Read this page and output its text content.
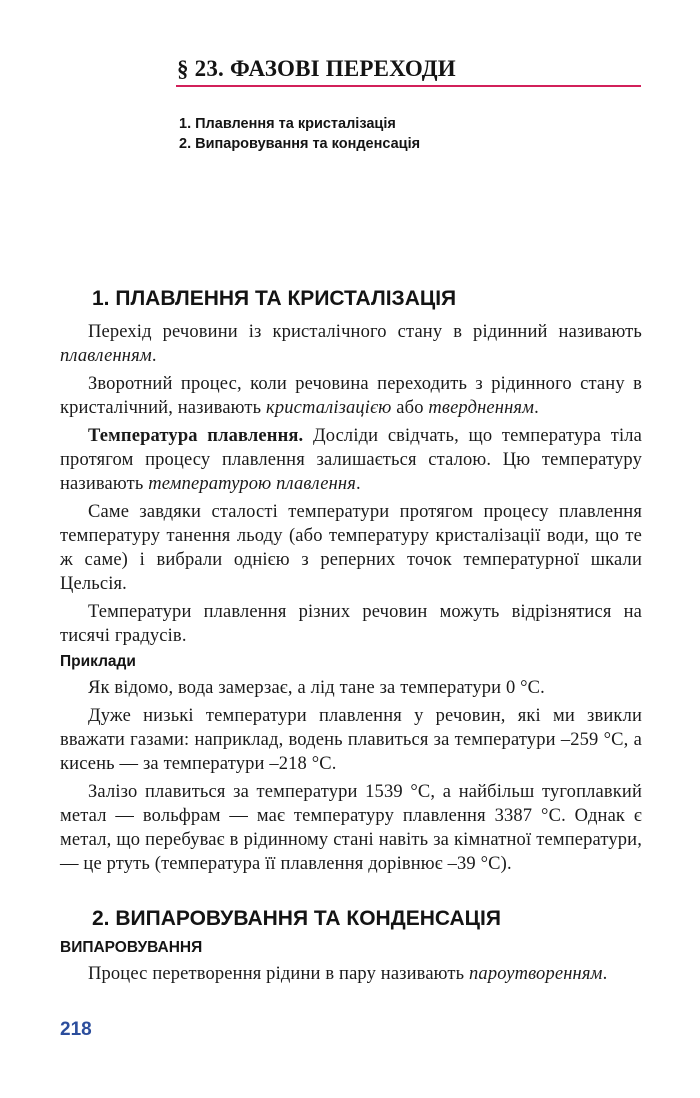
§ 23. ФАЗОВІ ПЕРЕХОДИ
1. Плавлення та кристалізація
2. Випаровування та конденсація
1. ПЛАВЛЕННЯ ТА КРИСТАЛІЗАЦІЯ
Перехід речовини із кристалічного стану в рідинний називають плавленням.
Зворотний процес, коли речовина переходить з рідинного стану в кристалічний, називають кристалізацією або твердненням.
Температура плавлення. Досліди свідчать, що температура тіла протягом процесу плавлення залишається сталою. Цю температуру називають температурою плавлення.
Саме завдяки сталості температури протягом процесу плавлення температуру танення льоду (або температуру кристалізації води, що те ж саме) і вибрали однією з реперних точок температурної шкали Цельсія.
Температури плавлення різних речовин можуть відрізнятися на тисячі градусів.
Приклади
Як відомо, вода замерзає, а лід тане за температури 0 °C.
Дуже низькі температури плавлення у речовин, які ми звикли вважати газами: наприклад, водень плавиться за температури –259 °C, а кисень — за температури –218 °C.
Залізо плавиться за температури 1539 °C, а найбільш тугоплавкий метал — вольфрам — має температуру плавлення 3387 °C. Однак є метал, що перебуває в рідинному стані навіть за кімнатної температури, — це ртуть (температура її плавлення дорівнює –39 °C).
2. ВИПАРОВУВАННЯ ТА КОНДЕНСАЦІЯ
ВИПАРОВУВАННЯ
Процес перетворення рідини в пару називають пароутворенням.
218
